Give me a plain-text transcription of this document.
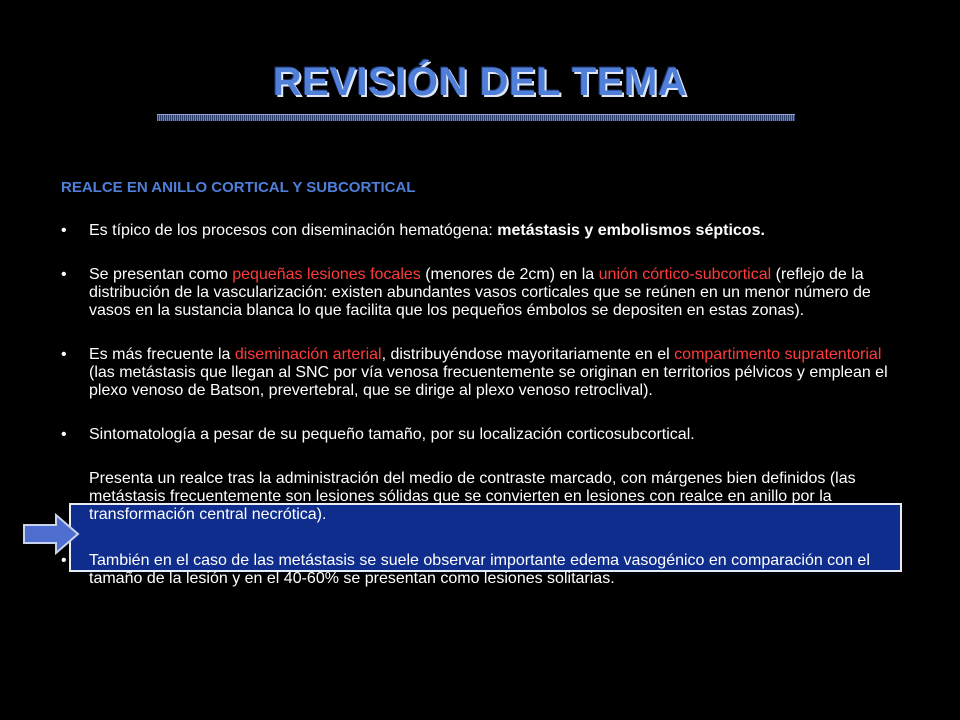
REVISIÓN DEL TEMA
REALCE EN ANILLO CORTICAL Y SUBCORTICAL
• Es típico de los procesos con diseminación hematógena: metástasis y embolismos sépticos.
• Se presentan como pequeñas lesiones focales (menores de 2cm) en la unión córtico-subcortical (reflejo de la distribución de la vascularización: existen abundantes vasos corticales que se reúnen en un menor número de vasos en la sustancia blanca lo que facilita que los pequeños émbolos se depositen en estas zonas).
• Es más frecuente la diseminación arterial, distribuyéndose mayoritariamente en el compartimento supratentorial (las metástasis que llegan al SNC por vía venosa frecuentemente se originan en territorios pélvicos y emplean el plexo venoso de Batson, prevertebral, que se dirige al plexo venoso retroclival).
• Sintomatología a pesar de su pequeño tamaño, por su localización corticosubcortical.
Presenta un realce tras la administración del medio de contraste marcado, con márgenes bien definidos (las metástasis frecuentemente son lesiones sólidas que se convierten en lesiones con realce en anillo por la transformación central necrótica).
• También en el caso de las metástasis se suele observar importante edema vasogénico en comparación con el tamaño de la lesión y en el 40-60% se presentan como lesiones solitarias.
